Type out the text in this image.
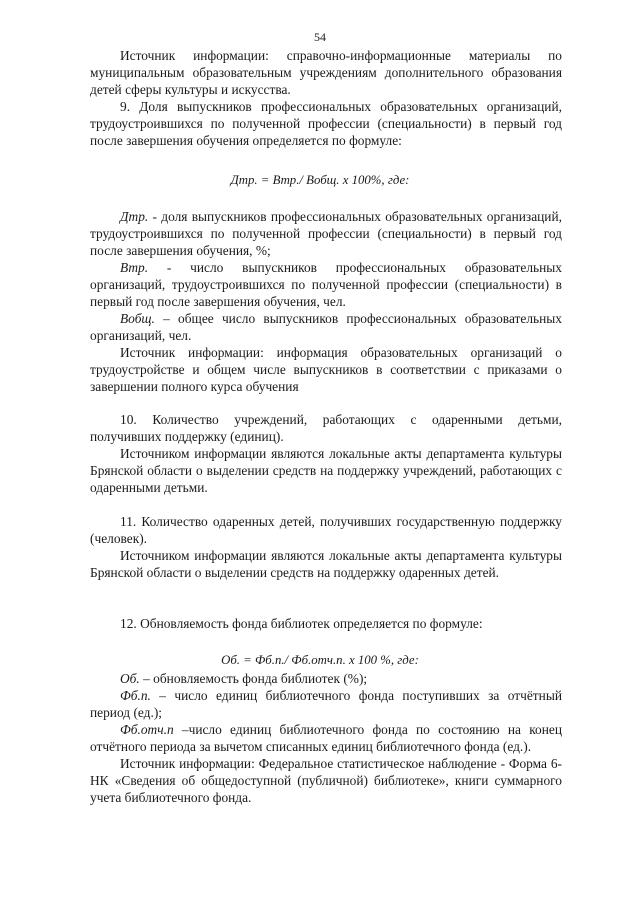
54

Источник информации: справочно-информационные материалы по муниципальным образовательным учреждениям дополнительного образования детей сферы культуры и искусства.

9. Доля выпускников профессиональных образовательных организаций, трудоустроившихся по полученной профессии (специальности) в первый год после завершения обучения определяется по формуле:

Дтр. = Втр./ Вобщ. х 100%, где:

Дтр. - доля выпускников профессиональных образовательных организаций, трудоустроившихся по полученной профессии (специальности) в первый год после завершения обучения, %;

Втр. - число выпускников профессиональных образовательных организаций, трудоустроившихся по полученной профессии (специальности) в первый год после завершения обучения, чел.

Вобщ. – общее число выпускников профессиональных образовательных организаций, чел.

Источник информации: информация образовательных организаций о трудоустройстве и общем числе выпускников в соответствии с приказами о завершении полного курса обучения

10. Количество учреждений, работающих с одаренными детьми, получивших поддержку (единиц).

Источником информации являются локальные акты департамента культуры Брянской области о выделении средств на поддержку учреждений, работающих с одаренными детьми.

11. Количество одаренных детей, получивших государственную поддержку (человек).

Источником информации являются локальные акты департамента культуры Брянской области о выделении средств на поддержку одаренных детей.

12. Обновляемость фонда библиотек определяется по формуле:

Об. = Фб.п./ Фб.отч.п. х 100 %, где:

Об. – обновляемость фонда библиотек (%);

Фб.п. – число единиц библиотечного фонда поступивших за отчётный период (ед.);

Фб.отч.п –число единиц библиотечного фонда по состоянию на конец отчётного периода за вычетом списанных единиц библиотечного фонда (ед.).

Источник информации: Федеральное статистическое наблюдение - Форма 6-НК «Сведения об общедоступной (публичной) библиотеке», книги суммарного учета библиотечного фонда.
